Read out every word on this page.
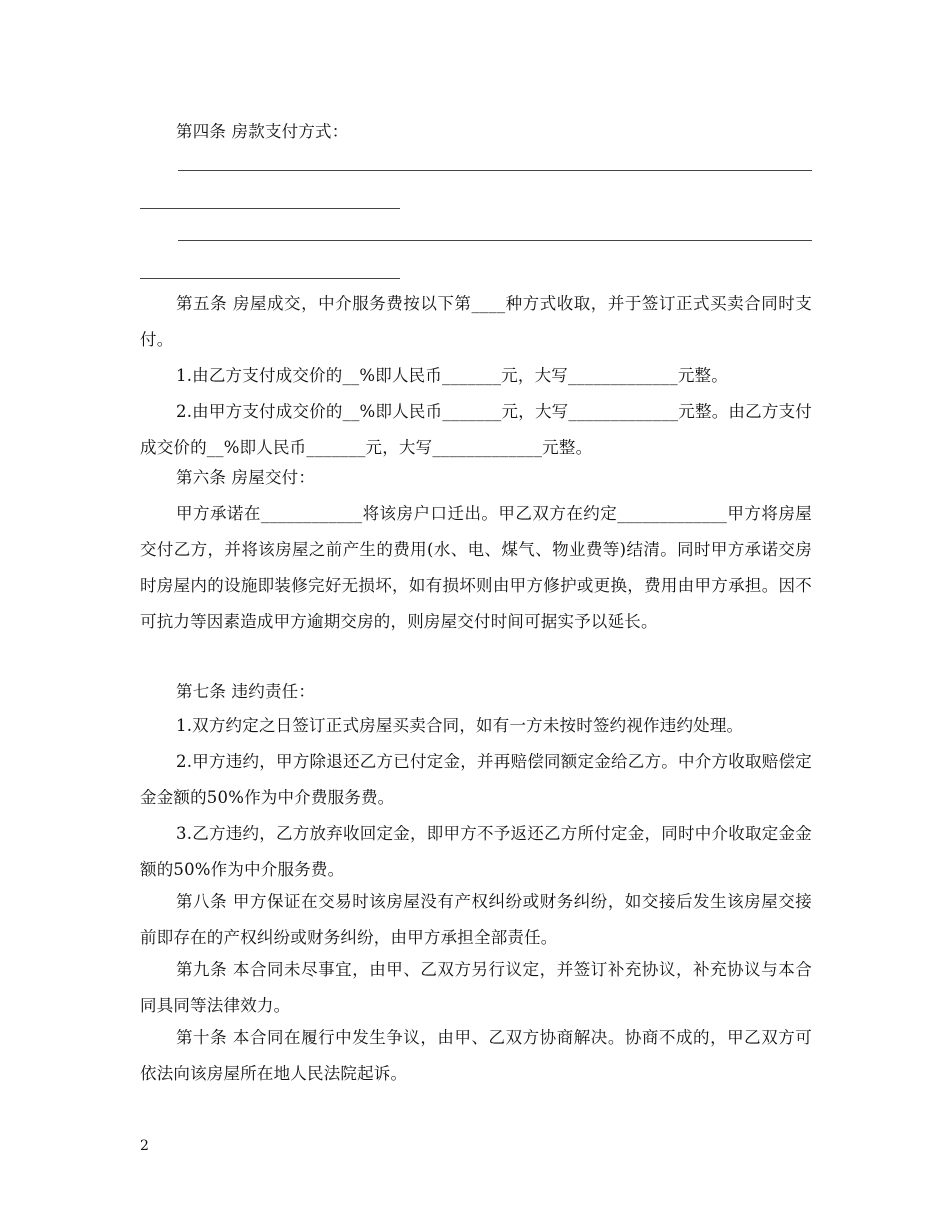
第四条 房款支付方式：
第五条 房屋成交，中介服务费按以下第____种方式收取，并于签订正式买卖合同时支付。
1.由乙方支付成交价的__%即人民币_______元，大写_____________元整。
2.由甲方支付成交价的__%即人民币_______元，大写_____________元整。由乙方支付成交价的__%即人民币_______元，大写_____________元整。
第六条 房屋交付：
甲方承诺在____________将该房户口迁出。甲乙双方在约定_____________甲方将房屋交付乙方，并将该房屋之前产生的费用(水、电、煤气、物业费等)结清。同时甲方承诺交房时房屋内的设施即装修完好无损坏，如有损坏则由甲方修护或更换，费用由甲方承担。因不可抗力等因素造成甲方逾期交房的，则房屋交付时间可据实予以延长。
第七条 违约责任：
1.双方约定之日签订正式房屋买卖合同，如有一方未按时签约视作违约处理。
2.甲方违约，甲方除退还乙方已付定金，并再赔偿同额定金给乙方。中介方收取赔偿定金金额的50%作为中介费服务费。
3.乙方违约，乙方放弃收回定金，即甲方不予返还乙方所付定金，同时中介收取定金金额的50%作为中介服务费。
第八条 甲方保证在交易时该房屋没有产权纠纷或财务纠纷，如交接后发生该房屋交接前即存在的产权纠纷或财务纠纷，由甲方承担全部责任。
第九条 本合同未尽事宜，由甲、乙双方另行议定，并签订补充协议，补充协议与本合同具同等法律效力。
第十条 本合同在履行中发生争议，由甲、乙双方协商解决。协商不成的，甲乙双方可依法向该房屋所在地人民法院起诉。
2
